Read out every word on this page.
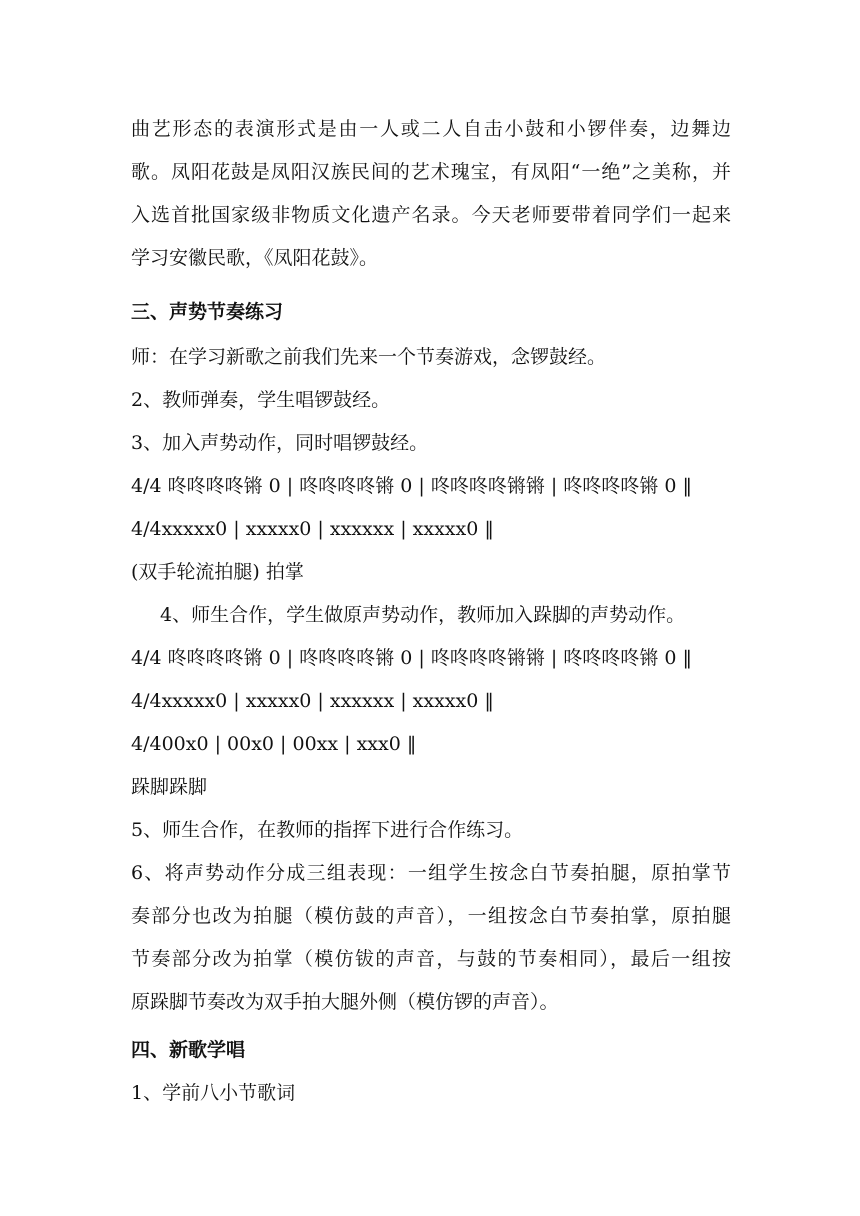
曲艺形态的表演形式是由一人或二人自击小鼓和小锣伴奏，边舞边
歌。凤阳花鼓是凤阳汉族民间的艺术瑰宝，有凤阳“一绝”之美称，并
入选首批国家级非物质文化遗产名录。今天老师要带着同学们一起来
学习安徽民歌，《凤阳花鼓》。
三、声势节奏练习
师：在学习新歌之前我们先来一个节奏游戏，念锣鼓经。
2、教师弹奏，学生唱锣鼓经。
3、加入声势动作，同时唱锣鼓经。
4/4 咚咚咚咚锵 0 | 咚咚咚咚锵 0 | 咚咚咚咚锵锵 | 咚咚咚咚锵 0 ‖
4/4xxxxx0 | xxxxx0 | xxxxxx | xxxxx0 ‖
(双手轮流拍腿) 拍掌
4、师生合作，学生做原声势动作，教师加入跺脚的声势动作。
4/4 咚咚咚咚锵 0 | 咚咚咚咚锵 0 | 咚咚咚咚锵锵 | 咚咚咚咚锵 0 ‖
4/4xxxxx0 | xxxxx0 | xxxxxx | xxxxx0 ‖
4/400x0 | 00x0 | 00xx | xxx0 ‖
跺脚跺脚
5、师生合作，在教师的指挥下进行合作练习。
6、将声势动作分成三组表现：一组学生按念白节奏拍腿，原拍掌节
奏部分也改为拍腿（模仿鼓的声音），一组按念白节奏拍掌，原拍腿
节奏部分改为拍掌（模仿钹的声音，与鼓的节奏相同），最后一组按
原跺脚节奏改为双手拍大腿外侧（模仿锣的声音）。
四、新歌学唱
1、学前八小节歌词
